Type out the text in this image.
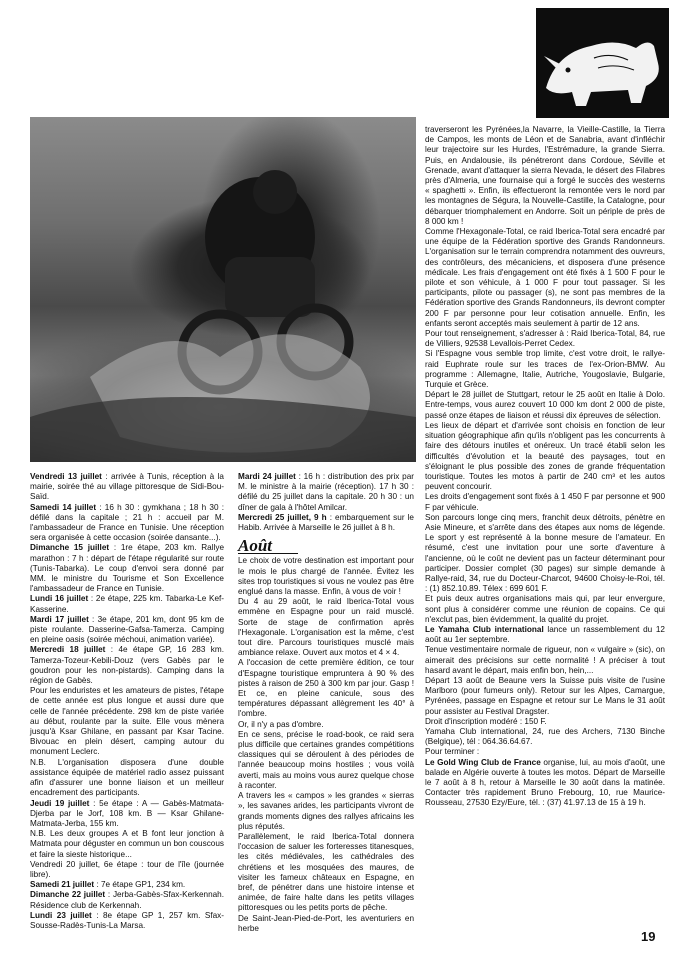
Vendredi 13 juillet : arrivée à Tunis, réception à la mairie, soirée thé au village pittoresque de Sidi-Bou-Saïd.

Samedi 14 juillet : 16 h 30 : gymkhana ; 18 h 30 : défilé dans la capitale ; 21 h : accueil par M. l'ambassadeur de France en Tunisie. Une réception sera organisée à cette occasion (soirée dansante...).

Dimanche 15 juillet : 1re étape, 203 km. Rallye marathon : 7 h : départ de l'étape régularité sur route (Tunis-Tabarka). Le coup d'envoi sera donné par MM. le ministre du Tourisme et Son Excellence l'ambassadeur de France en Tunisie.

Lundi 16 juillet : 2e étape, 225 km. Tabarka-Le Kef-Kasserine.

Mardi 17 juillet : 3e étape, 201 km, dont 95 km de piste roulante. Dasserine-Gafsa-Tamerza. Camping en pleine oasis (soirée méchoui, animation variée).

Mercredi 18 juillet : 4e étape GP, 16 283 km. Tamerza-Tozeur-Kebili-Douz (vers Gabès par le goudron pour les non-pistards). Camping dans la région de Gabès.

Pour les enduristes et les amateurs de pistes, l'étape de cette année est plus longue et aussi dure que celle de l'année précédente. 298 km de piste variée au début, roulante par la suite. Elle vous mènera jusqu'à Ksar Ghilane, en passant par Ksar Tacine. Bivouac en plein désert, camping autour du monument Leclerc.

N.B. L'organisation disposera d'une double assistance équipée de matériel radio assez puissant afin d'assurer une bonne liaison et un meilleur encadrement des participants.

Jeudi 19 juillet : 5e étape : A — Gabès-Matmata-Djerba par le Jorf, 108 km. B — Ksar Ghilane-Matmata-Jerba, 155 km.

N.B. Les deux groupes A et B font leur jonction à Matmata pour déguster en commun un bon couscous et faire la sieste historique...

Vendredi 20 juillet, 6e étape : tour de l'île (journée libre).

Samedi 21 juillet : 7e étape GP1, 234 km.

Dimanche 22 juillet : Jerba-Gabès-Sfax-Kerkennah. Résidence club de Kerkennah.

Lundi 23 juillet : 8e étape GP 1, 257 km. Sfax-Sousse-Radès-Tunis-La Marsa.

Mardi 24 juillet : 16 h : distribution des prix par M. le ministre à la mairie (réception). 17 h 30 : défilé du 25 juillet dans la capitale. 20 h 30 : un dîner de gala à l'hôtel Amilcar.

Mercredi 25 juillet, 9 h : embarquement sur le Habib. Arrivée à Marseille le 26 juillet à 8 h.

Août

Le choix de votre destination est important pour le mois le plus chargé de l'année. Évitez les sites trop touristiques si vous ne voulez pas être englué dans la masse. Enfin, à vous de voir !

Du 4 au 29 août, le raid Iberica-Total vous emmène en Espagne pour un raid musclé. Sorte de stage de confirmation après l'Hexagonale. L'organisation est la même, c'est tout dire. Parcours touristiques musclé mais ambiance relaxe. Ouvert aux motos et 4 × 4.

A l'occasion de cette première édition, ce tour d'Espagne touristique empruntera à 90 % des pistes à raison de 250 à 300 km par jour. Gasp ! Et ce, en pleine canicule, sous des températures dépassant allègrement les 40° à l'ombre.

Or, il n'y a pas d'ombre.

En ce sens, précise le road-book, ce raid sera plus difficile que certaines grandes compétitions classiques qui se déroulent à des périodes de l'année beaucoup moins hostiles ; vous voilà averti, mais au moins vous aurez quelque chose à raconter.

A travers les « campos » les grandes « sierras », les savanes arides, les participants vivront de grands moments dignes des rallyes africains les plus réputés.

Parallèlement, le raid Iberica-Total donnera l'occasion de saluer les forteresses titanesques, les cités médiévales, les cathédrales des chrétiens et les mosquées des maures, de visiter les fameux châteaux en Espagne, en bref, de pénétrer dans une histoire intense et animée, de faire halte dans les petits villages pittoresques ou les petits ports de pêche.

De Saint-Jean-Pied-de-Port, les aventuriers en herbe

traverseront les Pyrénées,la Navarre, la Vieille-Castille, la Tierra de Campos, les monts de Léon et de Sanabria, avant d'infléchir leur trajectoire sur les Hurdes, l'Estrémadure, la grande Sierra. Puis, en Andalousie, ils pénétreront dans Cordoue, Séville et Grenade, avant d'attaquer la sierra Nevada, le désert des Filabres près d'Almeria, une fournaise qui a forgé le succès des westerns « spaghetti ». Enfin, ils effectueront la remontée vers le nord par les montagnes de Ségura, la Nouvelle-Castille, la Catalogne, pour débarquer triomphalement en Andorre. Soit un périple de près de 8 000 km !

Comme l'Hexagonale-Total, ce raid Iberica-Total sera encadré par une équipe de la Fédération sportive des Grands Randonneurs. L'organisation sur le terrain comprendra notamment des ouvreurs, des contrôleurs, des mécaniciens, et disposera d'une présence médicale. Les frais d'engagement ont été fixés à 1 500 F pour le pilote et son véhicule, à 1 000 F pour tout passager. Si les participants, pilote ou passager (s), ne sont pas membres de la Fédération sportive des Grands Randonneurs, ils devront compter 200 F par personne pour leur cotisation annuelle. Enfin, les enfants seront acceptés mais seulement à partir de 12 ans.

Pour tout renseignement, s'adresser à : Raid Iberica-Total, 84, rue de Villiers, 92538 Levallois-Perret Cedex.

Si l'Espagne vous semble trop limite, c'est votre droit, le rallye-raid Euphrate roule sur les traces de l'ex-Orion-BMW. Au programme : Allemagne, Italie, Autriche, Yougoslavie, Bulgarie, Turquie et Grèce.

Départ le 28 juillet de Stuttgart, retour le 25 août en Italie à Dolo. Entre-temps, vous aurez couvert 10 000 km dont 2 000 de piste, passé onze étapes de liaison et réussi dix épreuves de sélection.

Les lieux de départ et d'arrivée sont choisis en fonction de leur situation géographique afin qu'ils n'obligent pas les concurrents à faire des détours inutiles et onéreux. Un tracé établi selon les difficultés d'évolution et la beauté des paysages, tout en s'éloignant le plus possible des zones de grande fréquentation touristique. Toutes les motos à partir de 240 cm³ et les autos peuvent concourir.

Les droits d'engagement sont fixés à 1 450 F par personne et 900 F par véhicule.

Son parcours longe cinq mers, franchit deux détroits, pénètre en Asie Mineure, et s'arrête dans des étapes aux noms de légende. Le sport y est représenté à la bonne mesure de l'amateur. En résumé, c'est une invitation pour une sorte d'aventure à l'ancienne, où le coût ne devient pas un facteur déterminant pour participer. Dossier complet (30 pages) sur simple demande à Rallye-raid, 34, rue du Docteur-Charcot, 94600 Choisy-le-Roi, tél. : (1) 852.10.89. Télex : 699 601 F.

Et puis deux autres organisations mais qui, par leur envergure, sont plus à considérer comme une réunion de copains. Ce qui n'exclut pas, bien évidemment, la qualité du projet.

Le Yamaha Club international lance un rassemblement du 12 août au 1er septembre.

Tenue vestimentaire normale de rigueur, non « vulgaire » (sic), on aimerait des précisions sur cette normalité ! A préciser à tout hasard avant le départ, mais enfin bon, hein,...

Départ 13 août de Beaune vers la Suisse puis visite de l'usine Marlboro (pour fumeurs only). Retour sur les Alpes, Camargue, Pyrénées, passage en Espagne et retour sur Le Mans le 31 août pour assister au Festival Dragster.

Droit d'inscription modéré : 150 F.

Yamaha Club international, 24, rue des Archers, 7130 Binche (Belgique), tél : 064.36.64.67.

Pour terminer :

Le Gold Wing Club de France organise, lui, au mois d'août, une balade en Algérie ouverte à toutes les motos. Départ de Marseille le 7 août à 8 h, retour à Marseille le 30 août dans la matinée. Contacter très rapidement Bruno Frebourg, 10, rue Maurice-Rousseau, 27530 Ezy/Eure, tél. : (37) 41.97.13 de 15 à 19 h.

19
